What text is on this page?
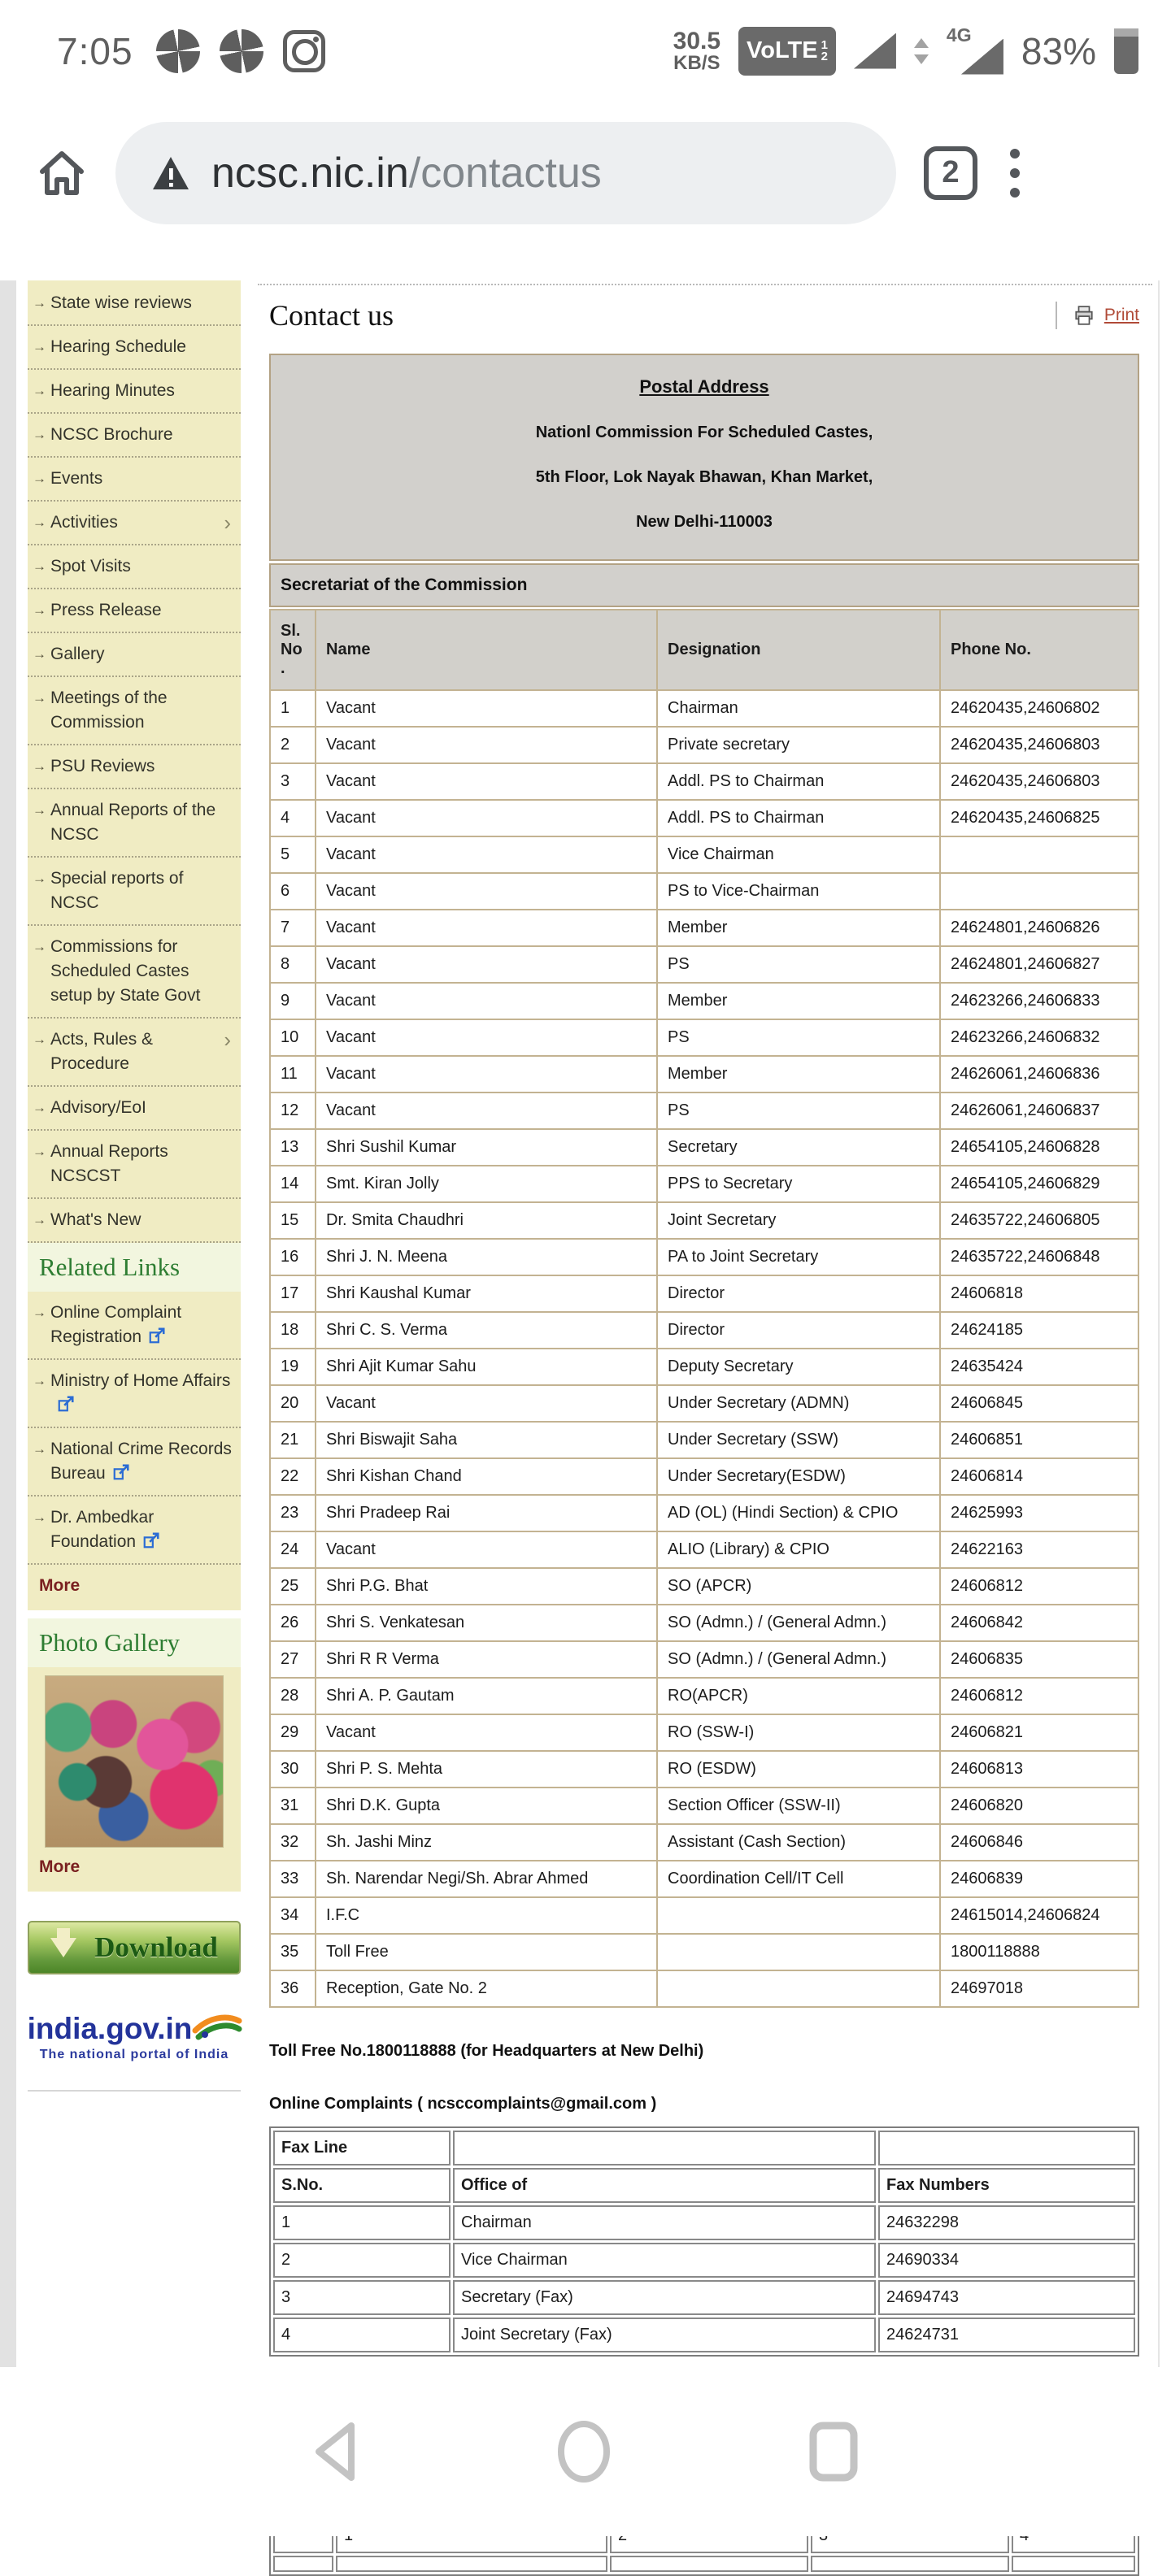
7:05	30.5
KB/S VoLTE 1
2
4G 83%
ncsc.nic.in/contactus	2
→ State wise reviews
→ Hearing Schedule
→ Hearing Minutes
→ NCSC Brochure
→ Events
→ Activities	›
→ Spot Visits
→ Press Release
→ Gallery
→ Meetings of the Commission
→ PSU Reviews
→ Annual Reports of the NCSC
→ Special reports of NCSC
→ Commissions for Scheduled Castes setup by State Govt
→ Acts, Rules & Procedure
›
→ Advisory/EoI
→ Annual Reports NCSCST
→ What's New
Related Links
→ Online Complaint Registration
→ Ministry of Home Affairs
→ National Crime Records Bureau
→ Dr. Ambedkar Foundation
More
Photo Gallery
More
Download
india.gov.in
The national portal of India
Contact us	Print
Postal Address
Nationl Commission For Scheduled Castes,
5th Floor, Lok Nayak Bhawan, Khan Market,
New Delhi-110003
Secretariat of the Commission
Sl.No.	Name	Designation	Phone No.
1	Vacant	Chairman	24620435,24606802
2	Vacant	Private secretary	24620435,24606803
3	Vacant	Addl. PS to Chairman	24620435,24606803
4	Vacant	Addl. PS to Chairman	24620435,24606825
5	Vacant	Vice Chairman	
6	Vacant	PS to Vice-Chairman	
7	Vacant	Member	24624801,24606826
8	Vacant	PS	24624801,24606827
9	Vacant	Member	24623266,24606833
10	Vacant	PS	24623266,24606832
11	Vacant	Member	24626061,24606836
12	Vacant	PS	24626061,24606837
13	Shri Sushil Kumar	Secretary	24654105,24606828
14	Smt. Kiran Jolly	PPS to Secretary	24654105,24606829
15	Dr. Smita Chaudhri	Joint Secretary	24635722,24606805
16	Shri J. N. Meena	PA to Joint Secretary	24635722,24606848
17	Shri Kaushal Kumar	Director	24606818
18	Shri C. S. Verma	Director	24624185
19	Shri Ajit Kumar Sahu	Deputy Secretary	24635424
20	Vacant	Under Secretary (ADMN)	24606845
21	Shri Biswajit Saha	Under Secretary (SSW)	24606851
22	Shri Kishan Chand	Under Secretary(ESDW)	24606814
23	Shri Pradeep Rai	AD (OL) (Hindi Section) & CPIO	24625993
24	Vacant	ALIO (Library) & CPIO	24622163
25	Shri P.G. Bhat	SO (APCR)	24606812
26	Shri S. Venkatesan	SO (Admn.) / (General Admn.)	24606842
27	Shri R R Verma	SO (Admn.) / (General Admn.)	24606835
28	Shri A. P. Gautam	RO(APCR)	24606812
29	Vacant	RO (SSW-I)	24606821
30	Shri P. S. Mehta	RO (ESDW)	24606813
31	Shri D.K. Gupta	Section Officer (SSW-II)	24606820
32	Sh. Jashi Minz	Assistant (Cash Section)	24606846
33	Sh. Narendar Negi/Sh. Abrar Ahmed	Coordination Cell/IT Cell	24606839
34	I.F.C		24615014,24606824
35	Toll Free		1800118888
36	Reception, Gate No. 2		24697018
Toll Free No.1800118888 (for Headquarters at New Delhi)
Online Complaints ( ncsccomplaints@gmail.com )
Fax Line		
S.No.	Office of	Fax Numbers
1	Chairman	24632298
2	Vice Chairman	24690334
3	Secretary (Fax)	24694743
4	Joint Secretary (Fax)	24624731
